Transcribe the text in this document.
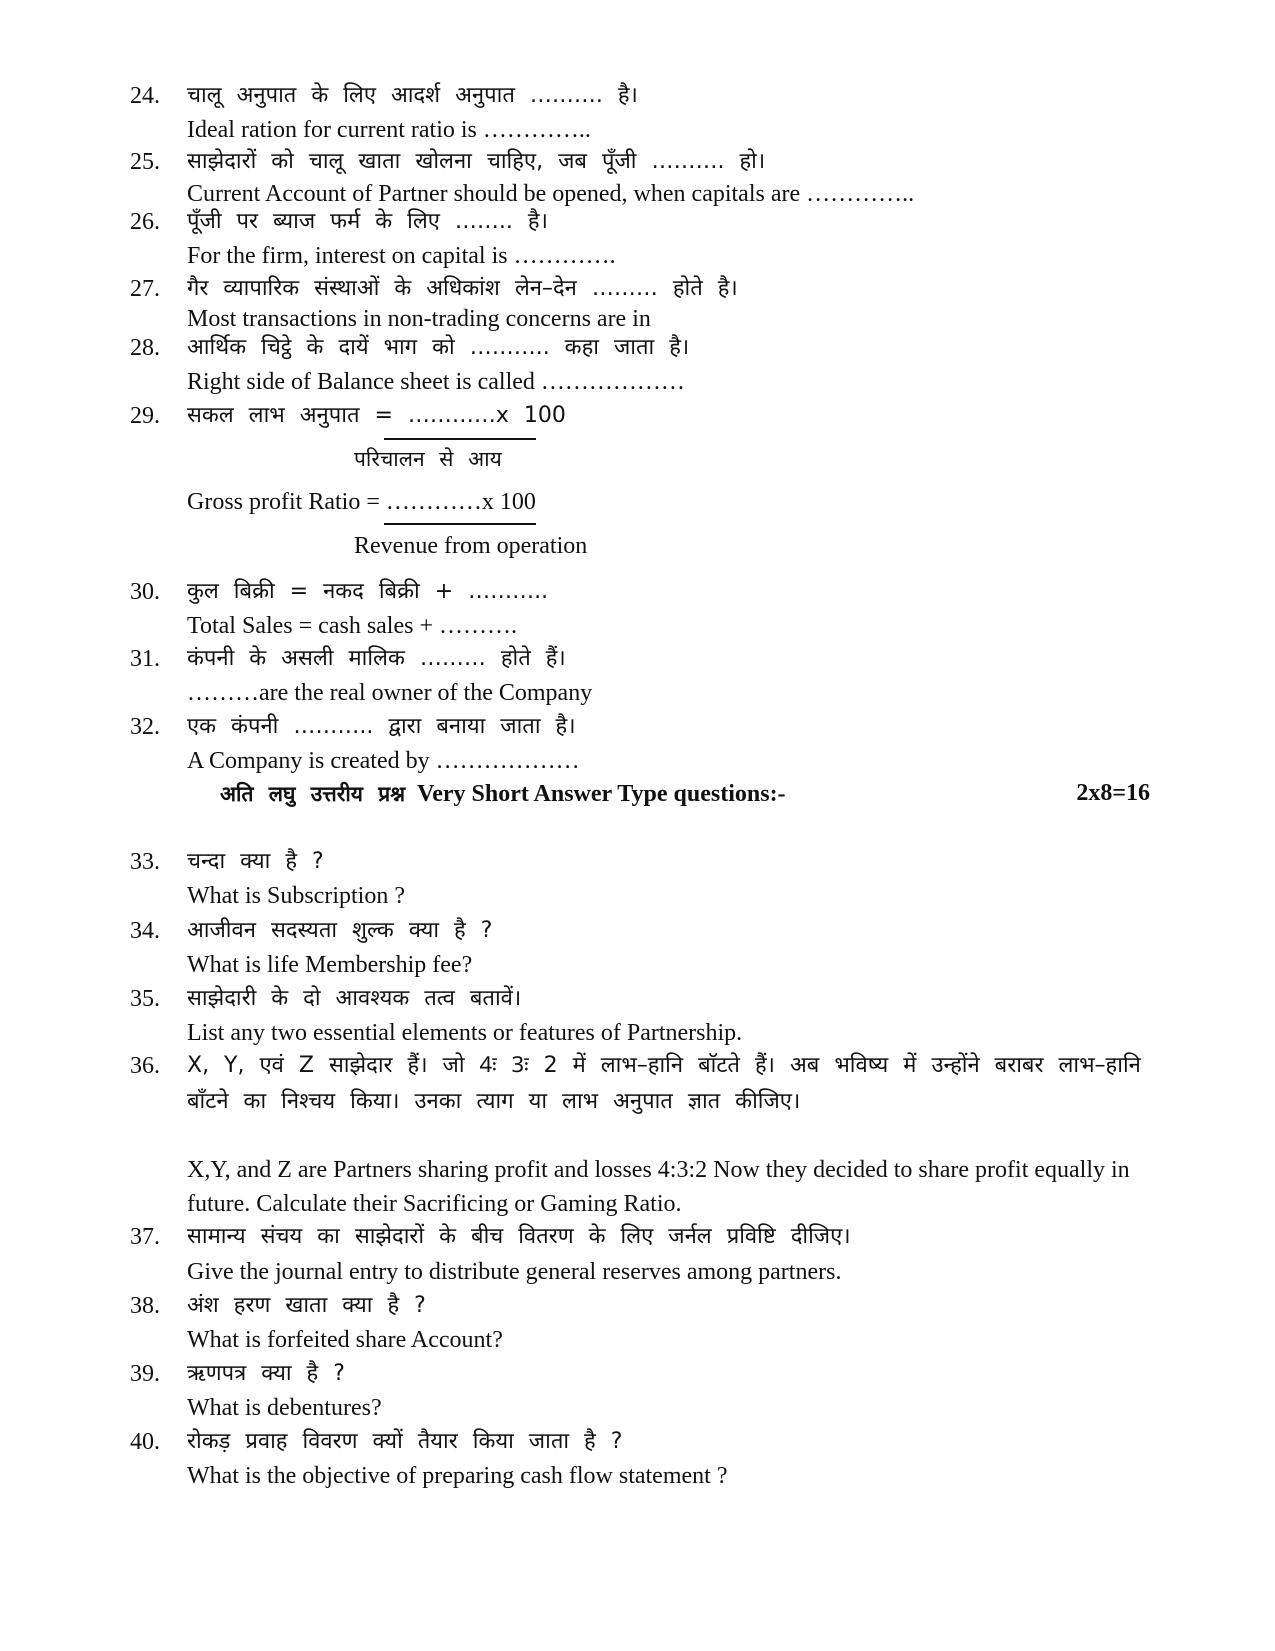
24. चालू अनुपात के लिए आदर्श अनुपात ………. है।
Ideal ration for current ratio is …………..
25. साझेदारों को चालू खाता खोलना चाहिए, जब पूँजी ………. हो।
Current Account of Partner should be opened, when capitals are …………..
26. पूँजी पर ब्याज फर्म के लिए …….. है।
For the firm, interest on capital is ………….
27. गैर व्यापारिक संस्थाओं के अधिकांश लेन–देन ……… होते है।
Most transactions in non-trading concerns are in
28. आर्थिक चिट्ठे के दायें भाग को ……….. कहा जाता है।
Right side of Balance sheet is called ………………
29. सकल लाभ अनुपात = …………x 100
परिचालन से आय
Gross profit Ratio = …………x 100
Revenue from operation
30. कुल बिक्री = नकद बिक्री + ………..
Total Sales = cash sales + ……….
31. कंपनी के असली मालिक ……… होते हैं।
………are the real owner of the Company
32. एक कंपनी ……….. द्वारा बनाया जाता है।
A Company is created by ………………
अति लघु उत्तरीय प्रश्न Very Short Answer Type questions:-	2x8=16
33. चन्दा क्या है ?
What is Subscription ?
34. आजीवन सदस्यता शुल्क क्या है ?
What is life Membership fee?
35. साझेदारी के दो आवश्यक तत्व बतावें।
List any two essential elements or features of Partnership.
36. X, Y, एवं Z साझेदार हैं। जो 4ः 3ः 2 में लाभ–हानि बाॅटते हैं। अब भविष्य में उन्होंने बराबर लाभ–हानि बाँटने का निश्चय किया। उनका त्याग या लाभ अनुपात ज्ञात कीजिए।
X,Y, and Z are Partners sharing profit and losses 4:3:2 Now they decided to share profit equally in future. Calculate their Sacrificing or Gaming Ratio.
37. सामान्य संचय का साझेदारों के बीच वितरण के लिए जर्नल प्रविष्टि दीजिए।
Give the journal entry to distribute general reserves among partners.
38. अंश हरण खाता क्या है ?
What is forfeited share Account?
39. ऋणपत्र क्या है ?
What is debentures?
40. रोकड़ प्रवाह विवरण क्यों तैयार किया जाता है ?
What is the objective of preparing cash flow statement ?
